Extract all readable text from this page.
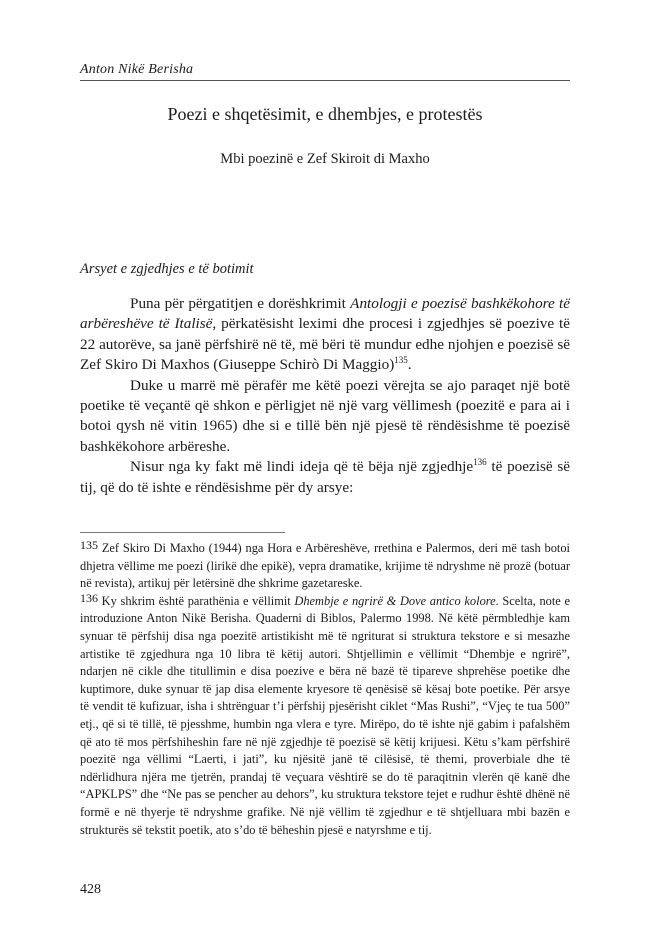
Anton Nikë Berisha
Poezi e shqetësimit, e dhembjes, e protestës
Mbi poezinë e Zef Skiroit di Maxho
Arsyet e zgjedhjes e të botimit

Puna për përgatitjen e dorëshkrimit Antologji e poezisë bashkëkohore të arbëreshëve të Italisë, përkatësisht leximi dhe procesi i zgjedhjes së poezive të 22 autorëve, sa janë përfshirë në të, më bëri të mundur edhe njohjen e poezisë së Zef Skiro Di Maxhos (Giuseppe Schirò Di Maggio)$^{135}$.

Duke u marrë më përafër me këtë poezi vërejta se ajo paraqet një botë poetike të veçantë që shkon e përligjet në një varg vëllimesh (poezitë e para ai i botoi qysh në vitin 1965) dhe si e tillë bën një pjesë të rëndësishme të poezisë bashkëkohore arbëreshe.

Nisur nga ky fakt më lindi ideja që të bëja një zgjedhje$^{136}$ të poezisë së tij, që do të ishte e rëndësishme për dy arsye:

$^{135}$ Zef Skiro Di Maxho (1944) nga Hora e Arbëreshëve, rrethina e Palermos, deri më tash botoi dhjetra vëllime me poezi (lirikë dhe epikë), vepra dramatike, krijime të ndryshme në prozë (botuar në revista), artikuj për letërsinë dhe shkrime gazetareske.

$^{136}$ Ky shkrim është parathënia e vëllimit Dhembje e ngrirë & Dove antico kolore. Scelta, note e introduzione Anton Nikë Berisha. Quaderni di Biblos, Palermo 1998. Në këtë përmbledhje kam synuar të përfshij disa nga poezitë artistikisht më të ngriturat si struktura tekstore e si mesazhe artistike të zgjedhura nga 10 libra të këtij autori. Shtjellimin e vëllimit “Dhembje e ngrirë”, ndarjen në cikle dhe titullimin e disa poezive e bëra në bazë të tipareve shprehëse poetike dhe kuptimore, duke synuar të jap disa elemente kryesore të qenësisë së kësaj bote poetike. Për arsye të vendit të kufizuar, isha i shtrënguar t’i përfshij pjesërisht ciklet “Mas Rushi”, “Vjeç te tua 500” etj., që si të tillë, të pjesshme, humbin nga vlera e tyre. Mirëpo, do të ishte një gabim i pafalshëm që ato të mos përfshiheshin fare në një zgjedhje të poezisë së këtij krijuesi. Këtu s’kam përfshirë poezitë nga vëllimi “Laerti, i jati”, ku njësitë janë të cilësisë, të themi, proverbiale dhe të ndërlidhura njëra me tjetrën, prandaj të veçuara vështirë se do të paraqitnin vlerën që kanë dhe “APKLPS” dhe “Ne pas se pencher au dehors”, ku struktura tekstore tejet e rudhur është dhënë në formë e në thyerje të ndryshme grafike. Në një vëllim të zgjedhur e të shtjelluara mbi bazën e strukturës së tekstit poetik, ato s’do të bëheshin pjesë e natyrshme e tij.

428
